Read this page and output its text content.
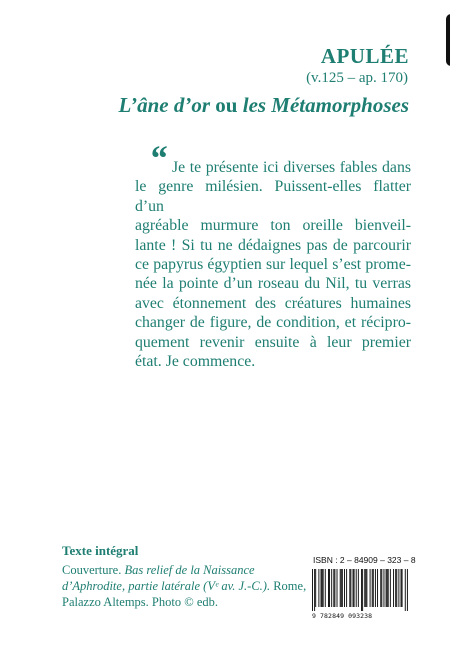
APULÉE
(v.125 – ap. 170)
L’âne d’or ou les Métamorphoses
“ Je te présente ici diverses fables dans
le genre milésien. Puissent-elles flatter d’un
agréable murmure ton oreille bienveil-
lante ! Si tu ne dédaignes pas de parcourir
ce papyrus égyptien sur lequel s’est prome-
née la pointe d’un roseau du Nil, tu verras
avec étonnement des créatures humaines
changer de figure, de condition, et récipro-
quement revenir ensuite à leur premier
état. Je commence.
Texte intégral
Couverture. Bas relief de la Naissance d’Aphrodite, partie latérale (Vᵉ av. J.-C.). Rome, Palazzo Altemps. Photo © edb.
ISBN : 2 – 84909 – 323 – 8
9 782849 093238
